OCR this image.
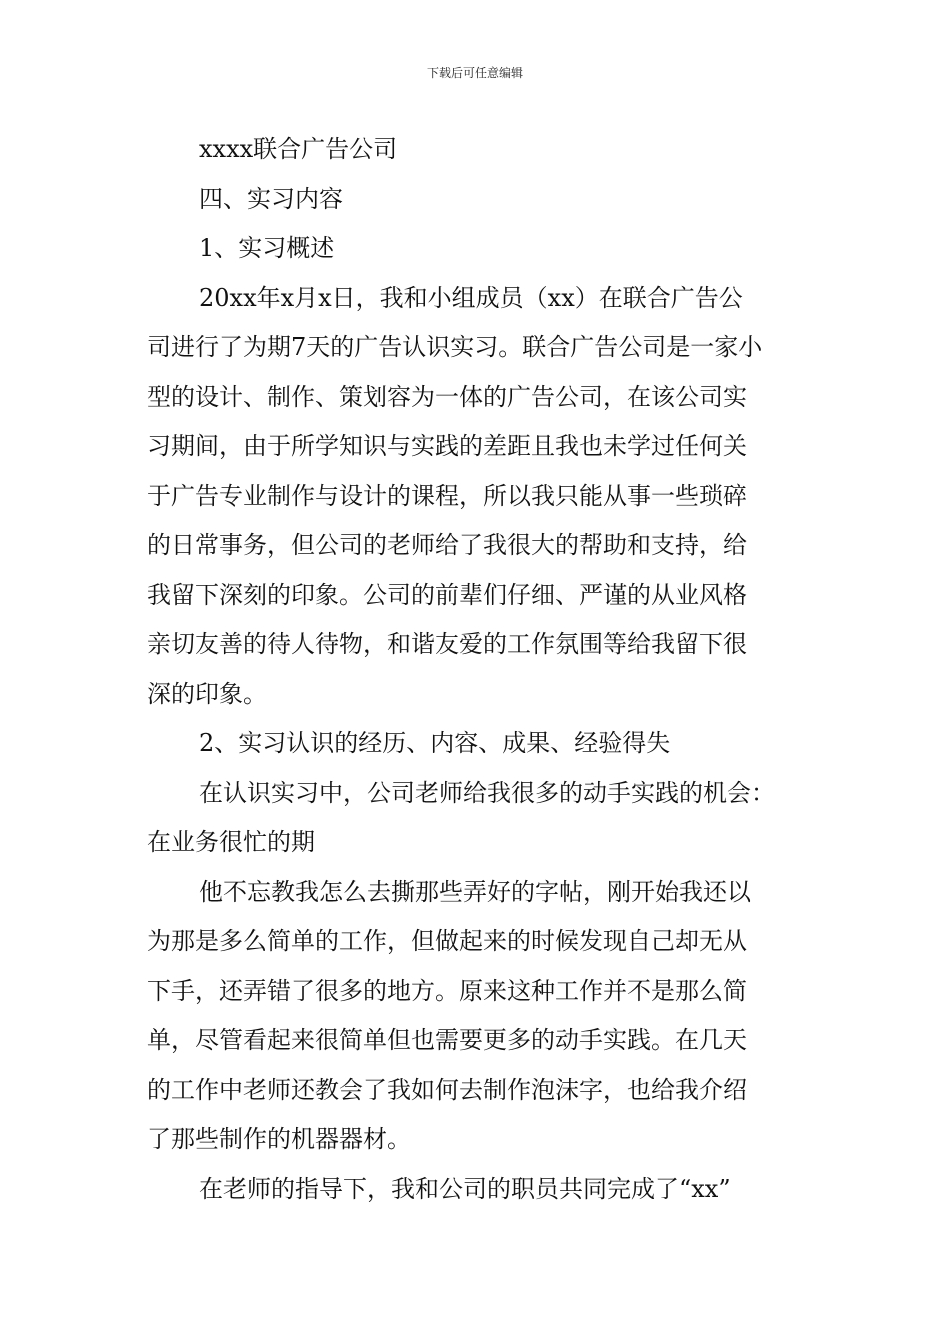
下载后可任意编辑
xxxx联合广告公司
四、实习内容
1、实习概述
20xx年x月x日，我和小组成员（xx）在联合广告公
司进行了为期7天的广告认识实习。联合广告公司是一家小
型的设计、制作、策划容为一体的广告公司，在该公司实
习期间，由于所学知识与实践的差距且我也未学过任何关
于广告专业制作与设计的课程，所以我只能从事一些琐碎
的日常事务，但公司的老师给了我很大的帮助和支持，给
我留下深刻的印象。公司的前辈们仔细、严谨的从业风格
亲切友善的待人待物，和谐友爱的工作氛围等给我留下很
深的印象。
2、实习认识的经历、内容、成果、经验得失
在认识实习中，公司老师给我很多的动手实践的机会：
在业务很忙的期
他不忘教我怎么去撕那些弄好的字帖，刚开始我还以
为那是多么简单的工作，但做起来的时候发现自己却无从
下手，还弄错了很多的地方。原来这种工作并不是那么简
单，尽管看起来很简单但也需要更多的动手实践。在几天
的工作中老师还教会了我如何去制作泡沫字，也给我介绍
了那些制作的机器器材。
在老师的指导下，我和公司的职员共同完成了“xx”
